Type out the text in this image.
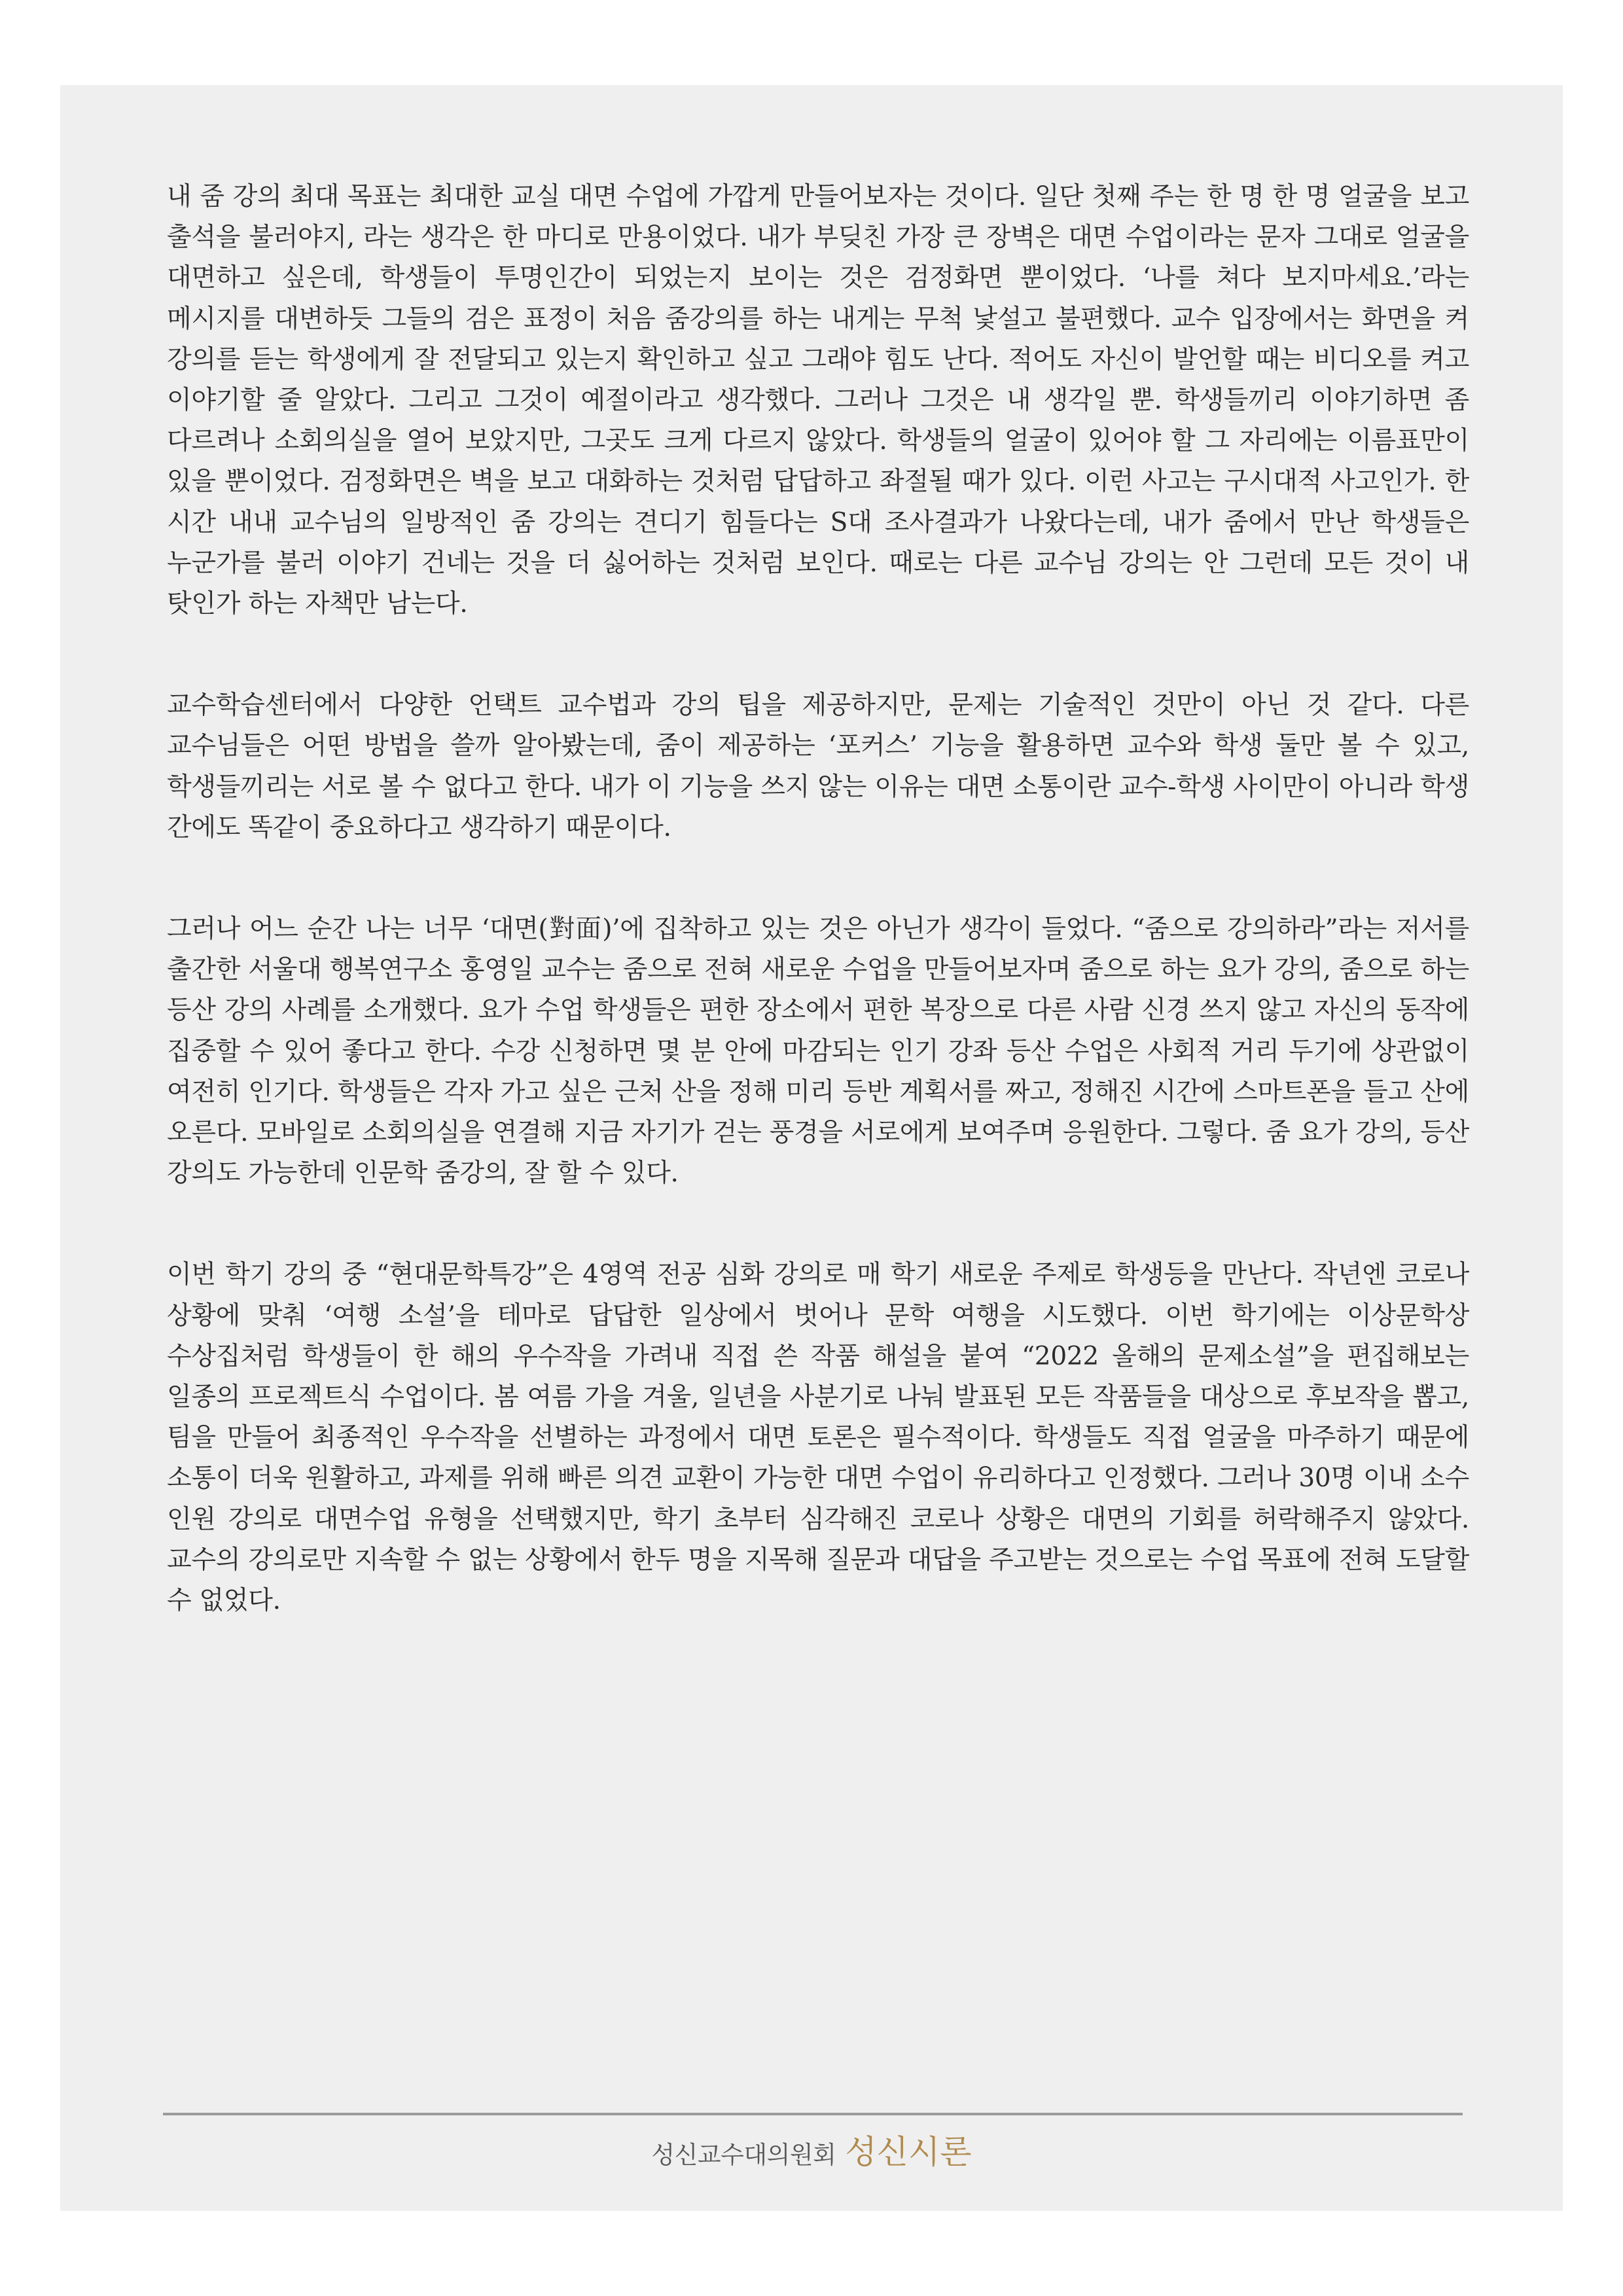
내 줌 강의 최대 목표는 최대한 교실 대면 수업에 가깝게 만들어보자는 것이다. 일단 첫째 주는 한 명 한 명 얼굴을 보고 출석을 불러야지, 라는 생각은 한 마디로 만용이었다. 내가 부딪친 가장 큰 장벽은 대면 수업이라는 문자 그대로 얼굴을 대면하고 싶은데, 학생들이 투명인간이 되었는지 보이는 것은 검정화면 뿐이었다. ‘나를 쳐다 보지마세요.’라는 메시지를 대변하듯 그들의 검은 표정이 처음 줌강의를 하는 내게는 무척 낯설고 불편했다. 교수 입장에서는 화면을 켜 강의를 듣는 학생에게 잘 전달되고 있는지 확인하고 싶고 그래야 힘도 난다. 적어도 자신이 발언할 때는 비디오를 켜고 이야기할 줄 알았다. 그리고 그것이 예절이라고 생각했다. 그러나 그것은 내 생각일 뿐. 학생들끼리 이야기하면 좀 다르려나 소회의실을 열어 보았지만, 그곳도 크게 다르지 않았다. 학생들의 얼굴이 있어야 할 그 자리에는 이름표만이 있을 뿐이었다. 검정화면은 벽을 보고 대화하는 것처럼 답답하고 좌절될 때가 있다. 이런 사고는 구시대적 사고인가. 한 시간 내내 교수님의 일방적인 줌 강의는 견디기 힘들다는 S대 조사결과가 나왔다는데, 내가 줌에서 만난 학생들은 누군가를 불러 이야기 건네는 것을 더 싫어하는 것처럼 보인다. 때로는 다른 교수님 강의는 안 그런데 모든 것이 내 탓인가 하는 자책만 남는다.

교수학습센터에서 다양한 언택트 교수법과 강의 팁을 제공하지만, 문제는 기술적인 것만이 아닌 것 같다. 다른 교수님들은 어떤 방법을 쓸까 알아봤는데, 줌이 제공하는 ‘포커스’ 기능을 활용하면 교수와 학생 둘만 볼 수 있고, 학생들끼리는 서로 볼 수 없다고 한다. 내가 이 기능을 쓰지 않는 이유는 대면 소통이란 교수-학생 사이만이 아니라 학생 간에도 똑같이 중요하다고 생각하기 때문이다.

그러나 어느 순간 나는 너무 ‘대면(對面)’에 집착하고 있는 것은 아닌가 생각이 들었다. “줌으로 강의하라”라는 저서를 출간한 서울대 행복연구소 홍영일 교수는 줌으로 전혀 새로운 수업을 만들어보자며 줌으로 하는 요가 강의, 줌으로 하는 등산 강의 사례를 소개했다. 요가 수업 학생들은 편한 장소에서 편한 복장으로 다른 사람 신경 쓰지 않고 자신의 동작에 집중할 수 있어 좋다고 한다. 수강 신청하면 몇 분 안에 마감되는 인기 강좌 등산 수업은 사회적 거리 두기에 상관없이 여전히 인기다. 학생들은 각자 가고 싶은 근처 산을 정해 미리 등반 계획서를 짜고, 정해진 시간에 스마트폰을 들고 산에 오른다. 모바일로 소회의실을 연결해 지금 자기가 걷는 풍경을 서로에게 보여주며 응원한다. 그렇다. 줌 요가 강의, 등산 강의도 가능한데 인문학 줌강의, 잘 할 수 있다.

이번 학기 강의 중 “현대문학특강”은 4영역 전공 심화 강의로 매 학기 새로운 주제로 학생등을 만난다. 작년엔 코로나 상황에 맞춰 ‘여행 소설’을 테마로 답답한 일상에서 벗어나 문학 여행을 시도했다. 이번 학기에는 이상문학상 수상집처럼 학생들이 한 해의 우수작을 가려내 직접 쓴 작품 해설을 붙여 “2022 올해의 문제소설”을 편집해보는 일종의 프로젝트식 수업이다. 봄 여름 가을 겨울, 일년을 사분기로 나눠 발표된 모든 작품들을 대상으로 후보작을 뽑고, 팀을 만들어 최종적인 우수작을 선별하는 과정에서 대면 토론은 필수적이다. 학생들도 직접 얼굴을 마주하기 때문에 소통이 더욱 원활하고, 과제를 위해 빠른 의견 교환이 가능한 대면 수업이 유리하다고 인정했다. 그러나 30명 이내 소수 인원 강의로 대면수업 유형을 선택했지만, 학기 초부터 심각해진 코로나 상황은 대면의 기회를 허락해주지 않았다. 교수의 강의로만 지속할 수 없는 상황에서 한두 명을 지목해 질문과 대답을 주고받는 것으로는 수업 목표에 전혀 도달할 수 없었다.

성신교수대의원회 성신시론
